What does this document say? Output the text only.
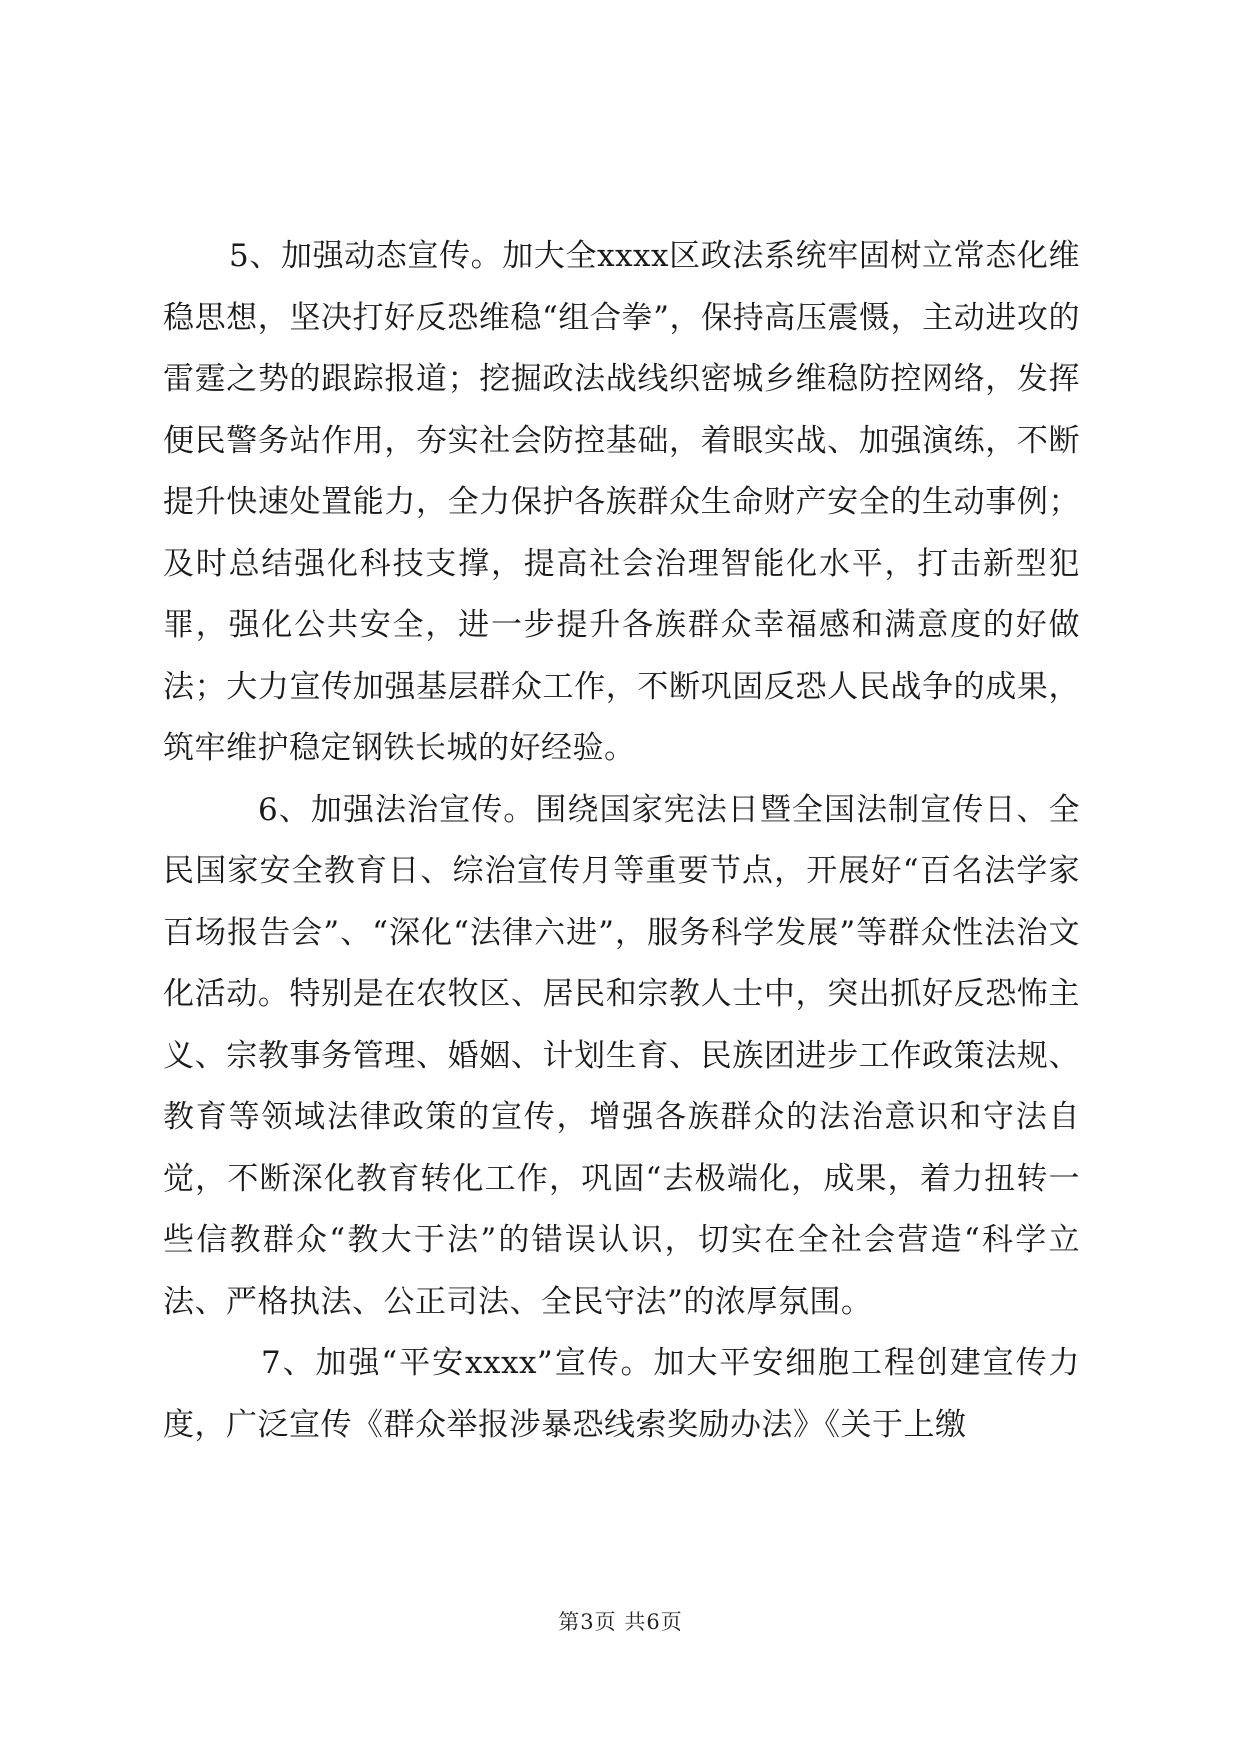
5、加强动态宣传。加大全xxxx区政法系统牢固树立常态化维稳思想，坚决打好反恐维稳“组合拳”，保持高压震慑，主动进攻的雷霆之势的跟踪报道；挖掘政法战线织密城乡维稳防控网络，发挥便民警务站作用，夯实社会防控基础，着眼实战、加强演练，不断提升快速处置能力，全力保护各族群众生命财产安全的生动事例；及时总结强化科技支撑，提高社会治理智能化水平，打击新型犯罪，强化公共安全，进一步提升各族群众幸福感和满意度的好做法；大力宣传加强基层群众工作，不断巩固反恐人民战争的成果，筑牢维护稳定钢铁长城的好经验。

6、加强法治宣传。围绕国家宪法日暨全国法制宣传日、全民国家安全教育日、综治宣传月等重要节点，开展好“百名法学家百场报告会”、“深化“法律六进”，服务科学发展”等群众性法治文化活动。特别是在农牧区、居民和宗教人士中，突出抓好反恐怖主义、宗教事务管理、婚姻、计划生育、民族团进步工作政策法规、教育等领域法律政策的宣传，增强各族群众的法治意识和守法自觉，不断深化教育转化工作，巩固“去极端化，成果，着力扭转一些信教群众“教大于法”的错误认识，切实在全社会营造“科学立法、严格执法、公正司法、全民守法”的浓厚氛围。

7、加强“平安xxxx”宣传。加大平安细胞工程创建宣传力度，广泛宣传《群众举报涉暴恐线索奖励办法》《关于上缴

第3页 共6页
